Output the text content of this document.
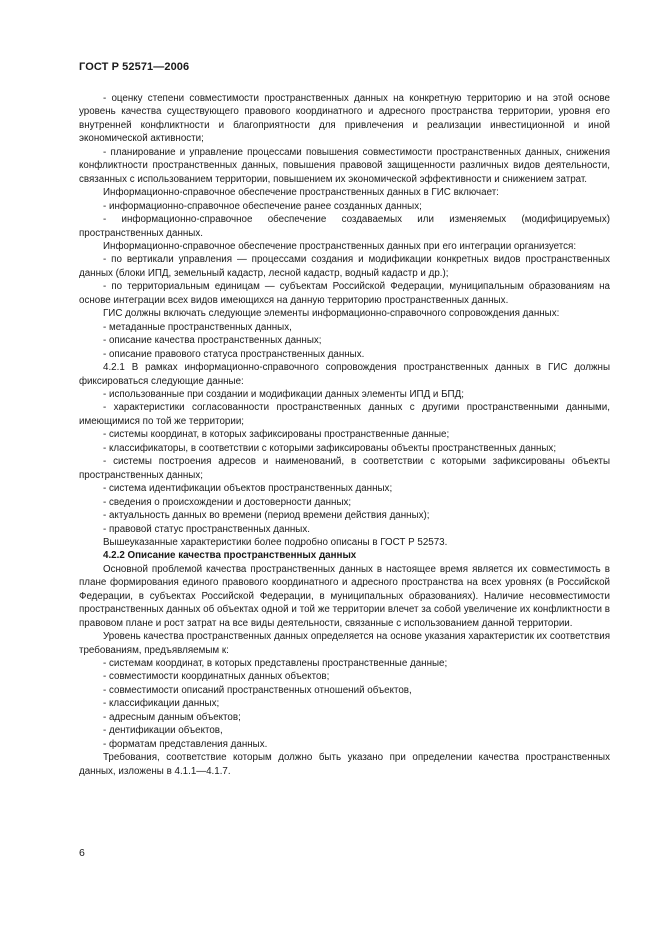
ГОСТ Р 52571—2006

- оценку степени совместимости пространственных данных на конкретную территорию и на этой основе уровень качества существующего правового координатного и адресного пространства территории, уровня его внутренней конфликтности и благоприятности для привлечения и реализации инвестиционной и иной экономической активности;

- планирование и управление процессами повышения совместимости пространственных данных, снижения конфликтности пространственных данных, повышения правовой защищенности различных видов деятельности, связанных с использованием территории, повышением их экономической эффективности и снижением затрат.

Информационно-справочное обеспечение пространственных данных в ГИС включает:

- информационно-справочное обеспечение ранее созданных данных;

- информационно-справочное обеспечение создаваемых или изменяемых (модифицируемых) пространственных данных.

Информационно-справочное обеспечение пространственных данных при его интеграции организуется:

- по вертикали управления — процессами создания и модификации конкретных видов пространственных данных (блоки ИПД, земельный кадастр, лесной кадастр, водный кадастр и др.);

- по территориальным единицам — субъектам Российской Федерации, муниципальным образованиям на основе интеграции всех видов имеющихся на данную территорию пространственных данных.

ГИС должны включать следующие элементы информационно-справочного сопровождения данных:

- метаданные пространственных данных,

- описание качества пространственных данных;

- описание правового статуса пространственных данных.

4.2.1 В рамках информационно-справочного сопровождения пространственных данных в ГИС должны фиксироваться следующие данные:

- использованные при создании и модификации данных элементы ИПД и БПД;

- характеристики согласованности пространственных данных с другими пространственными данными, имеющимися по той же территории;

- системы координат, в которых зафиксированы пространственные данные;

- классификаторы, в соответствии с которыми зафиксированы объекты пространственных данных;

- системы построения адресов и наименований, в соответствии с которыми зафиксированы объекты пространственных данных;

- система идентификации объектов пространственных данных;

- сведения о происхождении и достоверности данных;

- актуальность данных во времени (период времени действия данных);

- правовой статус пространственных данных.

Вышеуказанные характеристики более подробно описаны в ГОСТ Р 52573.

4.2.2 Описание качества пространственных данных

Основной проблемой качества пространственных данных в настоящее время является их совместимость в плане формирования единого правового координатного и адресного пространства на всех уровнях (в Российской Федерации, в субъектах Российской Федерации, в муниципальных образованиях). Наличие несовместимости пространственных данных об объектах одной и той же территории влечет за собой увеличение их конфликтности в правовом плане и рост затрат на все виды деятельности, связанные с использованием данной территории.

Уровень качества пространственных данных определяется на основе указания характеристик их соответствия требованиям, предъявляемым к:

- системам координат, в которых представлены пространственные данные;

- совместимости координатных данных объектов;

- совместимости описаний пространственных отношений объектов,

- классификации данных;

- адресным данным объектов;

- дентификации объектов,

- форматам представления данных.

Требования, соответствие которым должно быть указано при определении качества пространственных данных, изложены в 4.1.1—4.1.7.

6
